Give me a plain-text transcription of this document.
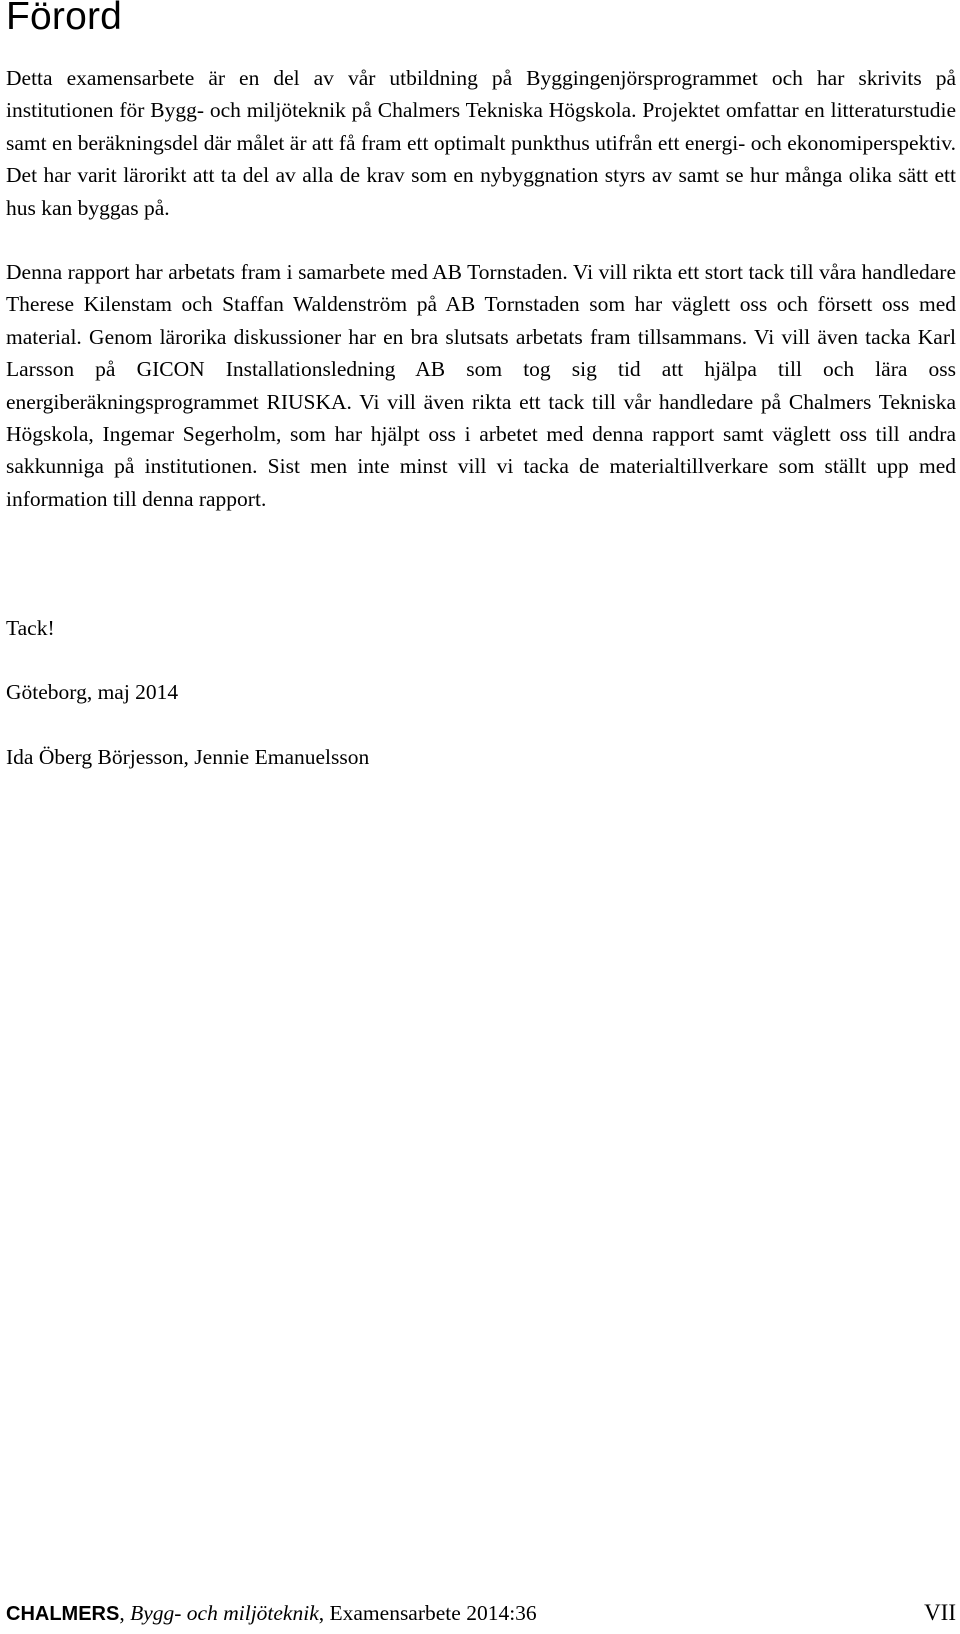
Förord

Detta examensarbete är en del av vår utbildning på Byggingenjörsprogrammet och har skrivits på institutionen för Bygg- och miljöteknik på Chalmers Tekniska Högskola. Projektet omfattar en litteraturstudie samt en beräkningsdel där målet är att få fram ett optimalt punkthus utifrån ett energi- och ekonomiperspektiv. Det har varit lärorikt att ta del av alla de krav som en nybyggnation styrs av samt se hur många olika sätt ett hus kan byggas på.

Denna rapport har arbetats fram i samarbete med AB Tornstaden. Vi vill rikta ett stort tack till våra handledare Therese Kilenstam och Staffan Waldenström på AB Tornstaden som har väglett oss och försett oss med material. Genom lärorika diskussioner har en bra slutsats arbetats fram tillsammans. Vi vill även tacka Karl Larsson på GICON Installationsledning AB som tog sig tid att hjälpa till och lära oss energiberäkningsprogrammet RIUSKA. Vi vill även rikta ett tack till vår handledare på Chalmers Tekniska Högskola, Ingemar Segerholm, som har hjälpt oss i arbetet med denna rapport samt väglett oss till andra sakkunniga på institutionen. Sist men inte minst vill vi tacka de materialtillverkare som ställt upp med information till denna rapport.

Tack!

Göteborg, maj 2014

Ida Öberg Börjesson, Jennie Emanuelsson

CHALMERS, Bygg- och miljöteknik, Examensarbete 2014:36	VII
